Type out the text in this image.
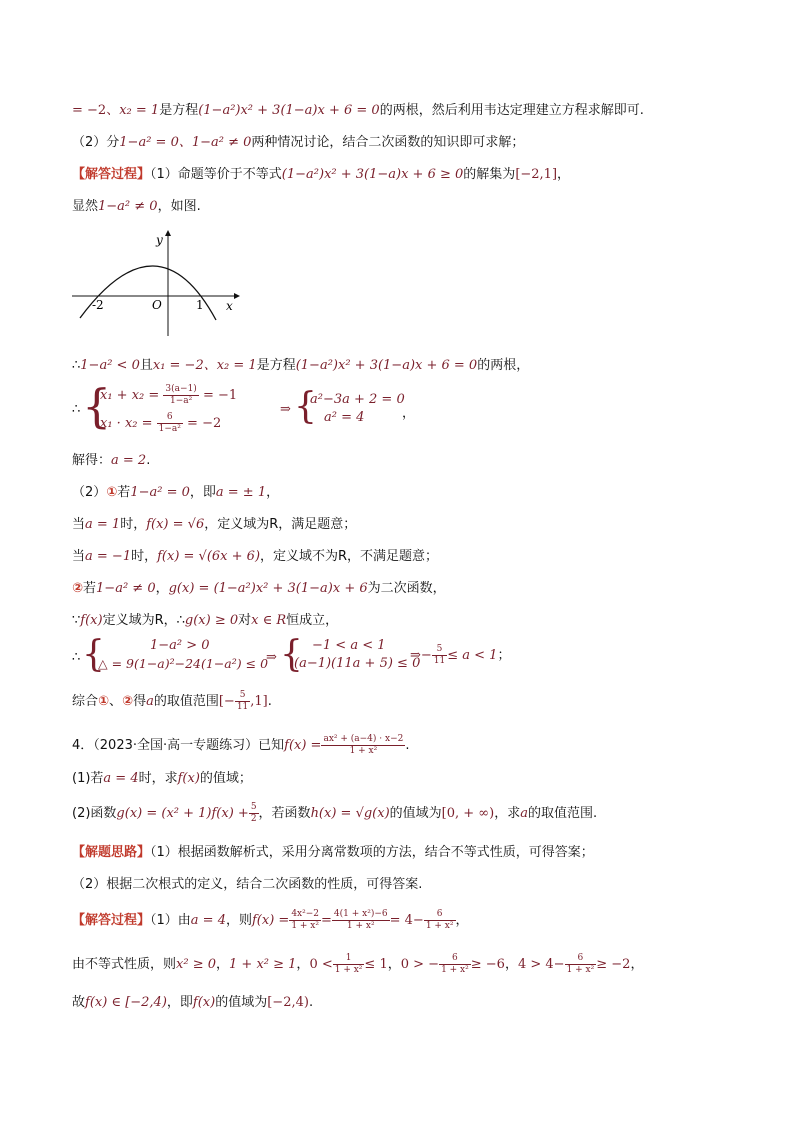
= −2、x₂ = 1是方程(1−a²)x² + 3(1−a)x + 6 = 0的两根，然后利用韦达定理建立方程求解即可.
（2）分1−a² = 0、1−a² ≠ 0两种情况讨论，结合二次函数的知识即可求解；
【解答过程】（1）命题等价于不等式(1−a²)x² + 3(1−a)x + 6 ≥ 0的解集为[−2,1]，
显然1−a² ≠ 0，如图.
y
x
O
-2	1
∴1−a² < 0且x₁ = −2、x₂ = 1是方程(1−a²)x² + 3(1−a)x + 6 = 0的两根，
∴ {
$x_1 + x_2 = \frac{3(a-1)}{\text{1−a²}} = -1$
$x_1 \cdot x_2 = \frac{6}{\text{1−a²}} = -2$
⇒ {
a²−3a + 2 = 0
a² = 4	，
解得：a = 2.
（2）①若1−a² = 0，即a = ± 1，
当a = 1时，f(x) = √6，定义域为R，满足题意；
当a = −1时，f(x) = √(6x + 6)，定义域不为R，不满足题意；
②若1−a² ≠ 0，g(x) = (1−a²)x² + 3(1−a)x + 6为二次函数，
∵f(x)定义域为R，∴g(x) ≥ 0对x ∈ R恒成立，
∴ {	1−a² > 0
△ = 9(1−a)²−24(1−a²) ≤ 0
⇒ { −1 < a < 1
(a−1)(11a + 5) ≤ 0
⇒− $\frac{5}{11} \le a < 1$；
综合①、②得a的取值范围[− $\frac{5}{11} ,1$].
4．（2023·全国·高一专题练习）已知$f(x) = \frac{\text{ax² + (a−4) · x−2}}{\text{1 + x²}}$ .
(1)若a = 4时，求f(x)的值域；
(2)函数$g(x) = (x^2 + 1)f(x) + \frac{5}{2}$ ，若函数h(x) = √g(x)的值域为[0, + ∞)，求a的取值范围.
【解题思路】（1）根据函数解析式，采用分离常数项的方法，结合不等式性质，可得答案；
（2）根据二次根式的定义，结合二次函数的性质，可得答案.
【解答过程】（1）由a = 4，则$f(x) = \frac{\text{4x²−2}}{\text{1 + x²}} = \frac{\text{4(1 + x²)−6}}{\text{1 + x²}} = 4- \frac{6}{\text{1 + x²}}$ ，
由不等式性质，则x² ≥ 0，1 + x² ≥ 1，$0 < \frac{1}{\text{1 + x²}} \le 1$，0 > − $\frac{6}{\text{1 + x²}} \ge -6$，$4 > 4- \frac{6}{\text{1 + x²}} \ge -2$，
故f(x) ∈ [−2,4)，即f(x)的值域为[−2,4).
